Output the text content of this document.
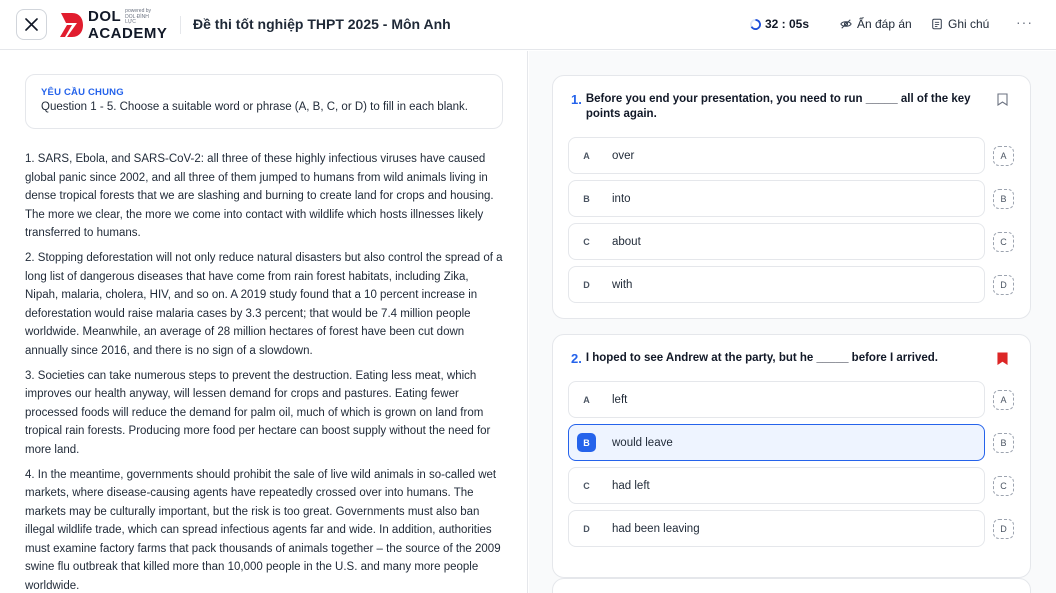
DOL powered by DOL ĐÌNH LỰC
ACADEMY
Đề thi tốt nghiệp THPT 2025 - Môn Anh	32 : 05s	Ẩn đáp án	Ghi chú ···
YÊU CẦU CHUNG
Question 1 - 5. Choose a suitable word or phrase (A, B, C, or D) to fill in each blank.

1. SARS, Ebola, and SARS-CoV-2: all three of these highly infectious viruses have caused global panic since 2002, and all three of them jumped to humans from wild animals living in dense tropical forests that we are slashing and burning to create land for crops and housing. The more we clear, the more we come into contact with wildlife which hosts illnesses likely transferred to humans.

2. Stopping deforestation will not only reduce natural disasters but also control the spread of a long list of dangerous diseases that have come from rain forest habitats, including Zika, Nipah, malaria, cholera, HIV, and so on. A 2019 study found that a 10 percent increase in deforestation would raise malaria cases by 3.3 percent; that would be 7.4 million people worldwide. Meanwhile, an average of 28 million hectares of forest have been cut down annually since 2016, and there is no sign of a slowdown.

3. Societies can take numerous steps to prevent the destruction. Eating less meat, which improves our health anyway, will lessen demand for crops and pastures. Eating fewer processed foods will reduce the demand for palm oil, much of which is grown on land from tropical rain forests. Producing more food per hectare can boost supply without the need for more land.

4. In the meantime, governments should prohibit the sale of live wild animals in so-called wet markets, where disease-causing agents have repeatedly crossed over into humans. The markets may be culturally important, but the risk is too great. Governments must also ban illegal wildlife trade, which can spread infectious agents far and wide. In addition, authorities must examine factory farms that pack thousands of animals together – the source of the 2009 swine flu outbreak that killed more than 10,000 people in the U.S. and many more people worldwide.

1. Before you end your presentation, you need to run _____ all of the key points again.
A	over	A
B	into	B
C	about	C
D	with	D
2. I hoped to see Andrew at the party, but he _____ before I arrived.
A	left	A
B	would leave	B
C	had left	C
D	had been leaving	D
